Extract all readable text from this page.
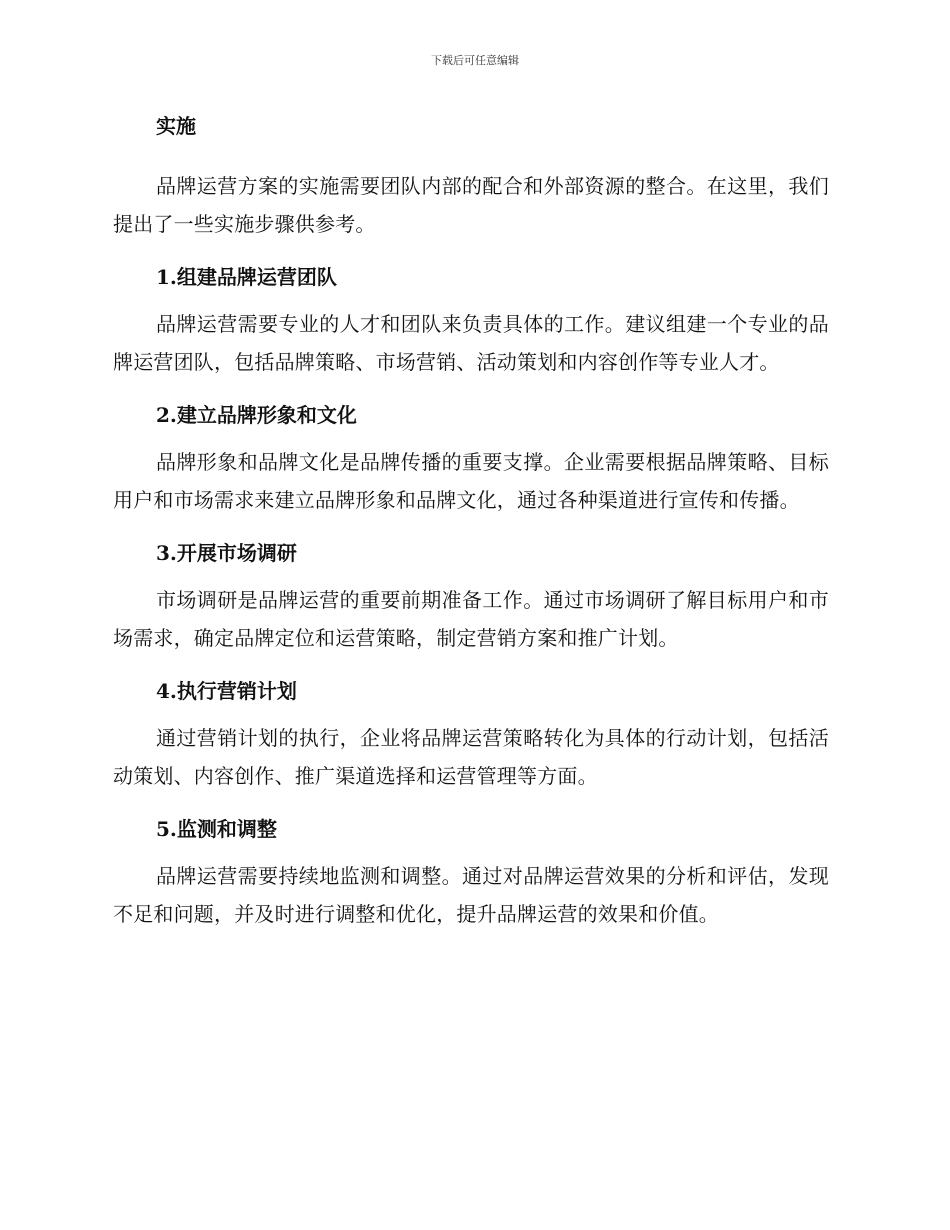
下载后可任意编辑
实施

品牌运营方案的实施需要团队内部的配合和外部资源的整合。在这里，我们提出了一些实施步骤供参考。

1.组建品牌运营团队

品牌运营需要专业的人才和团队来负责具体的工作。建议组建一个专业的品牌运营团队，包括品牌策略、市场营销、活动策划和内容创作等专业人才。

2.建立品牌形象和文化

品牌形象和品牌文化是品牌传播的重要支撑。企业需要根据品牌策略、目标用户和市场需求来建立品牌形象和品牌文化，通过各种渠道进行宣传和传播。

3.开展市场调研

市场调研是品牌运营的重要前期准备工作。通过市场调研了解目标用户和市场需求，确定品牌定位和运营策略，制定营销方案和推广计划。

4.执行营销计划

通过营销计划的执行，企业将品牌运营策略转化为具体的行动计划，包括活动策划、内容创作、推广渠道选择和运营管理等方面。

5.监测和调整

品牌运营需要持续地监测和调整。通过对品牌运营效果的分析和评估，发现不足和问题，并及时进行调整和优化，提升品牌运营的效果和价值。
